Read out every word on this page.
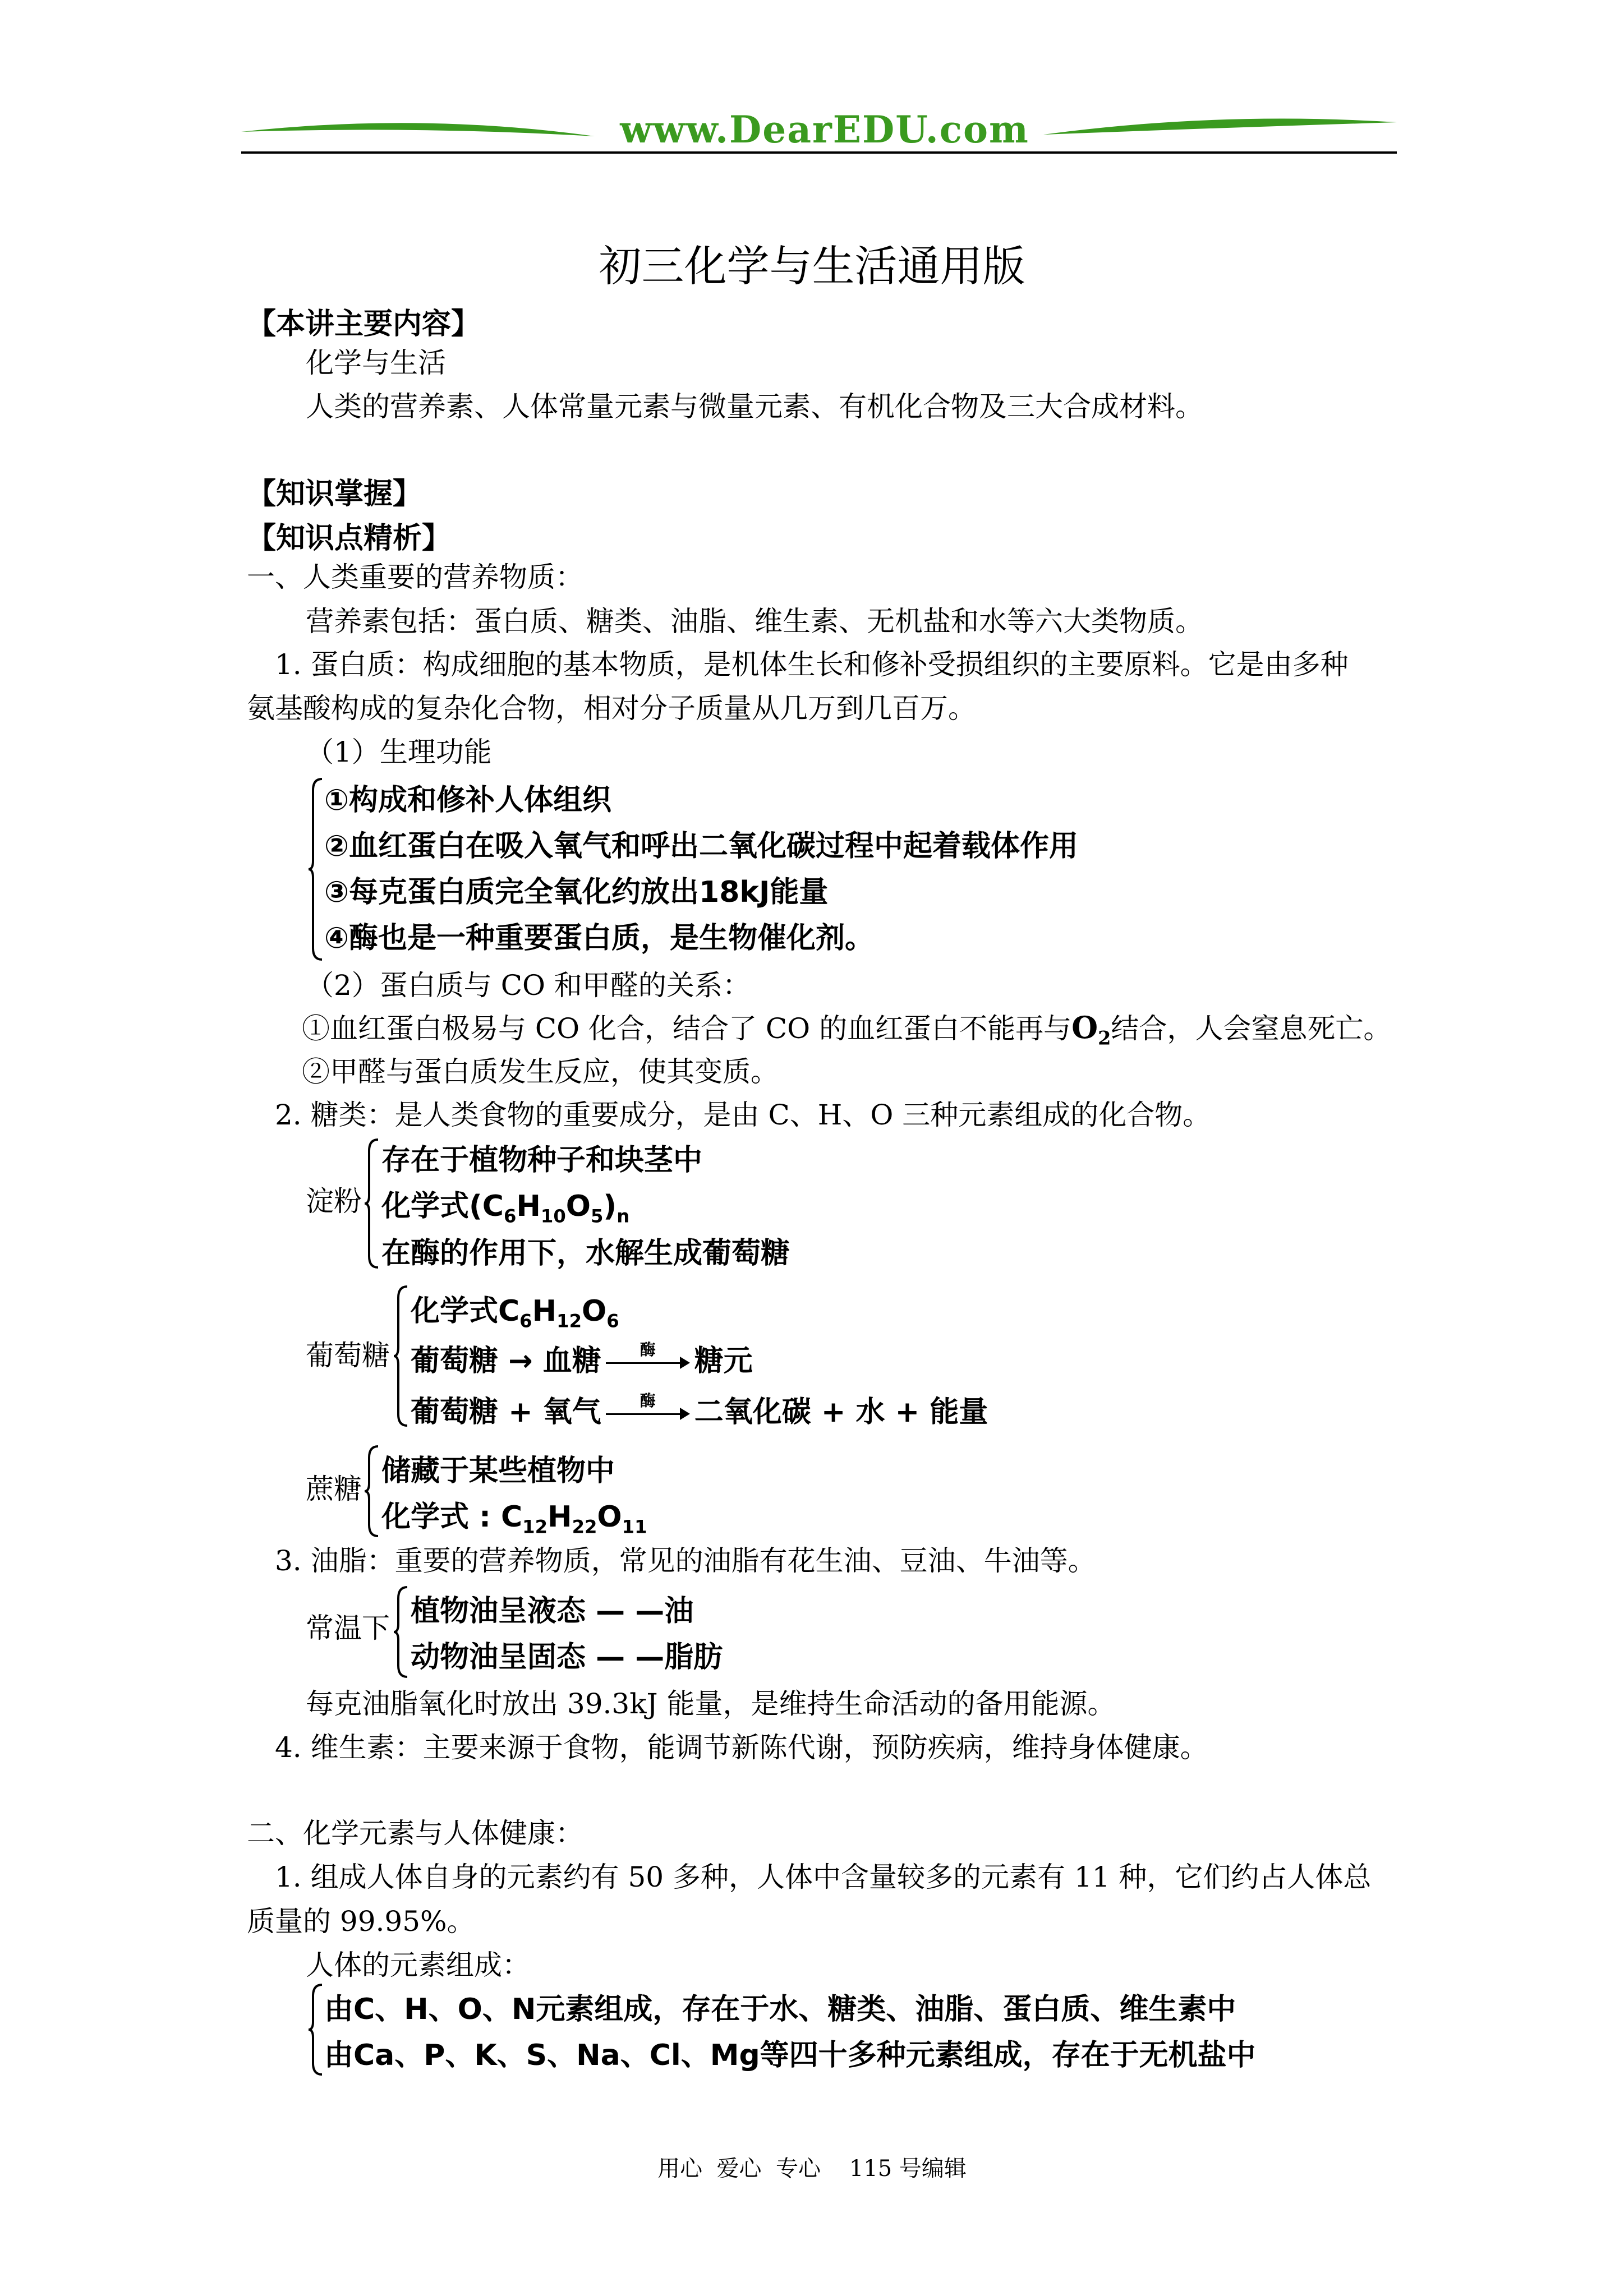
www.DearEDU.com
初三化学与生活通用版
【本讲主要内容】
化学与生活
人类的营养素、人体常量元素与微量元素、有机化合物及三大合成材料。
【知识掌握】
【知识点精析】
一、人类重要的营养物质：
营养素包括：蛋白质、糖类、油脂、维生素、无机盐和水等六大类物质。
1. 蛋白质：构成细胞的基本物质，是机体生长和修补受损组织的主要原料。它是由多种
氨基酸构成的复杂化合物，相对分子质量从几万到几百万。
（1）生理功能
①构成和修补人体组织
②血红蛋白在吸入氧气和呼出二氧化碳过程中起着载体作用
③每克蛋白质完全氧化约放出18kJ能量
④酶也是一种重要蛋白质，是生物催化剂。
（2）蛋白质与 CO 和甲醛的关系：
①血红蛋白极易与 CO 化合，结合了 CO 的血红蛋白不能再与$O_2$结合，人会窒息死亡。
②甲醛与蛋白质发生反应，使其变质。
2. 糖类：是人类食物的重要成分，是由 C、H、O 三种元素组成的化合物。
淀粉
存在于植物种子和块茎中
化学式$(C_6H_{10}O_5)_n$
在酶的作用下，水解生成葡萄糖
葡萄糖
化学式$C_6H_{12}O_6$
葡萄糖 → 血糖	酶	糖元
葡萄糖 + 氧气	酶	二氧化碳 + 水 + 能量
蔗糖
储藏于某些植物中
化学式 : $C_{12}H_{22}O_{11}$
3. 油脂：重要的营养物质，常见的油脂有花生油、豆油、牛油等。
常温下 植物油呈液态 — —油
动物油呈固态 — —脂肪
每克油脂氧化时放出 39.3kJ 能量，是维持生命活动的备用能源。
4. 维生素：主要来源于食物，能调节新陈代谢，预防疾病，维持身体健康。
二、化学元素与人体健康：
1. 组成人体自身的元素约有 50 多种，人体中含量较多的元素有 11 种，它们约占人体总
质量的 99.95%。
人体的元素组成：
由C、H、O、N元素组成，存在于水、糖类、油脂、蛋白质、维生素中
由Ca、P、K、S、Na、Cl、Mg等四十多种元素组成，存在于无机盐中
用心  爱心  专心    115 号编辑
